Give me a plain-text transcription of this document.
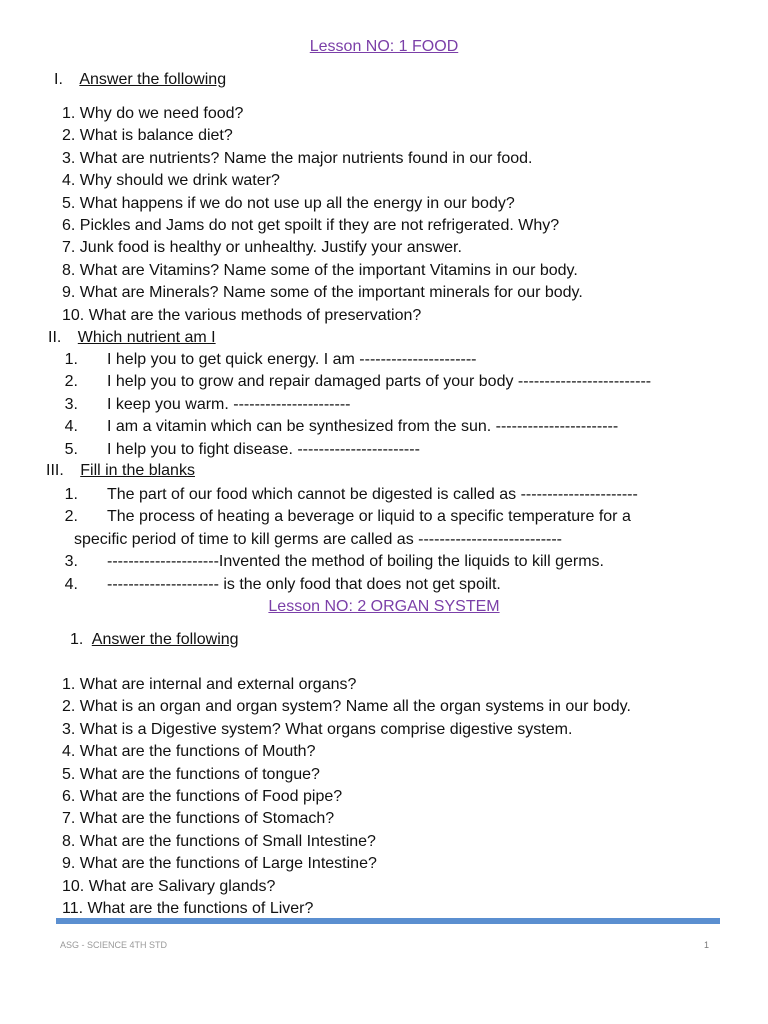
Lesson NO: 1 FOOD
I. Answer the following
1. Why do we need food?
2. What is balance diet?
3. What are nutrients? Name the major nutrients found in our food.
4. Why should we drink water?
5. What happens if we do not use up all the energy in our body?
6. Pickles and Jams do not get spoilt if they are not refrigerated. Why?
7. Junk food is healthy or unhealthy. Justify your answer.
8. What are Vitamins? Name some of the important Vitamins in our body.
9. What are Minerals? Name some of the important minerals for our body.
10. What are the various methods of preservation?
II. Which nutrient am I
1. I help you to get quick energy. I am ----------------------
2. I help you to grow and repair damaged parts of your body -------------------------
3. I keep you warm. ----------------------
4. I am a vitamin which can be synthesized from the sun. -----------------------
5. I help you to fight disease. -----------------------
III. Fill in the blanks
1. The part of our food which cannot be digested is called as ----------------------
2. The process of heating a beverage or liquid to a specific temperature for a
specific period of time to kill germs are called as ---------------------------
3. ---------------------Invented the method of boiling the liquids to kill germs.
4. --------------------- is the only food that does not get spoilt.
Lesson NO: 2 ORGAN SYSTEM
1. Answer the following
1. What are internal and external organs?
2. What is an organ and organ system? Name all the organ systems in our body.
3. What is a Digestive system? What organs comprise digestive system.
4. What are the functions of Mouth?
5. What are the functions of tongue?
6. What are the functions of Food pipe?
7. What are the functions of Stomach?
8. What are the functions of Small Intestine?
9. What are the functions of Large Intestine?
10. What are Salivary glands?
11. What are the functions of Liver?
ASG - SCIENCE 4TH STD	1
